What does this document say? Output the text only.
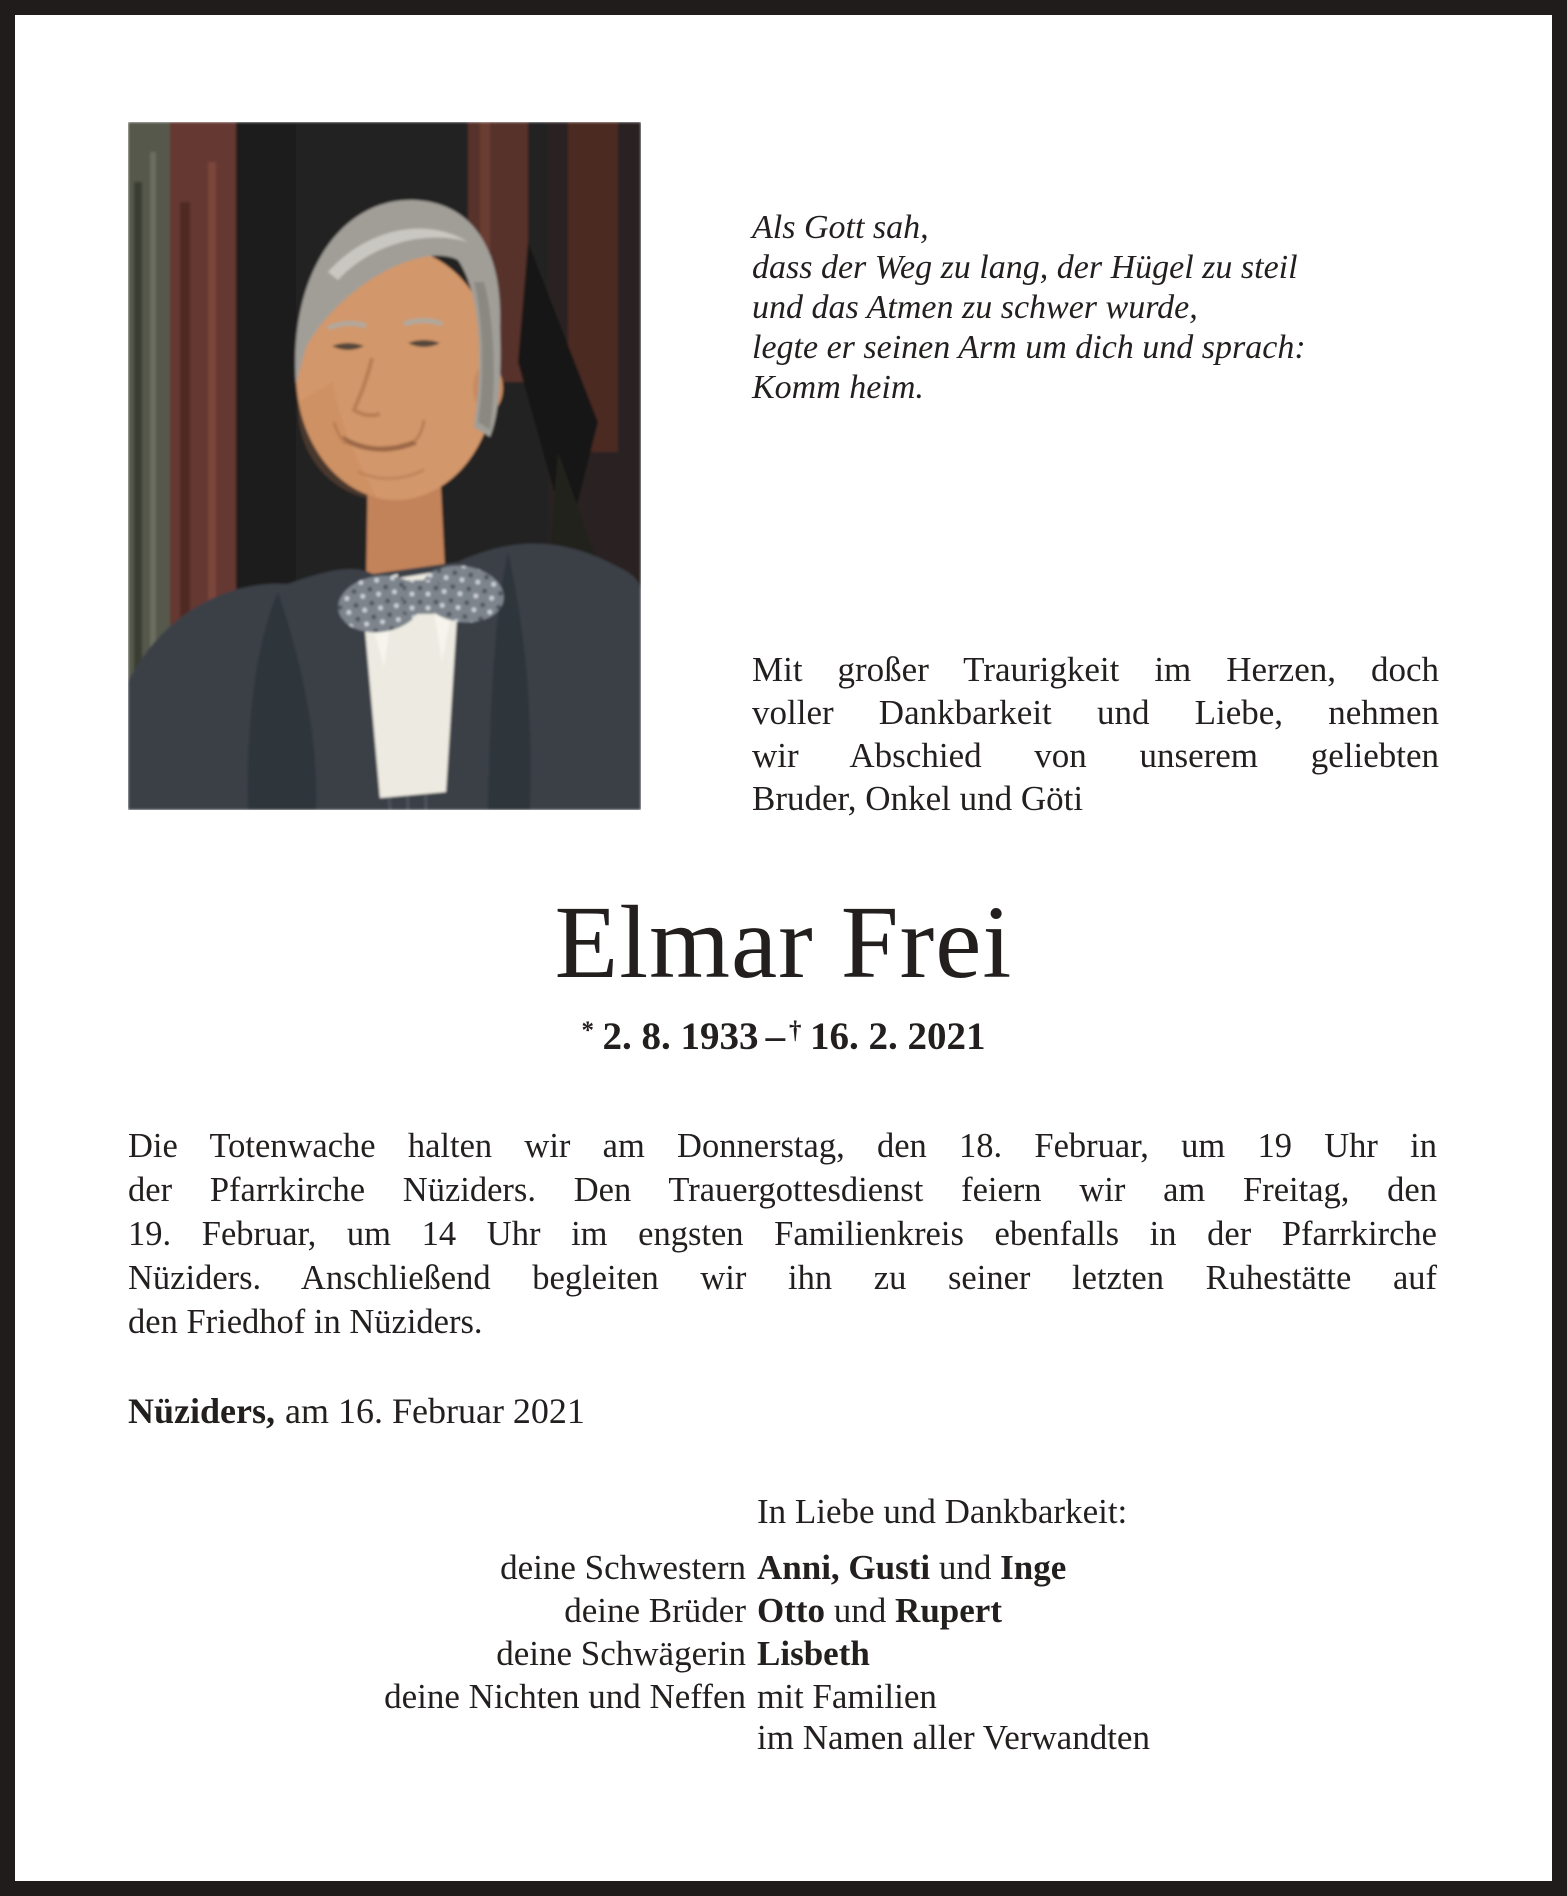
Als Gott sah,
dass der Weg zu lang, der Hügel zu steil
und das Atmen zu schwer wurde,
legte er seinen Arm um dich und sprach:
Komm heim.
Mit großer Traurigkeit im Herzen, doch
voller Dankbarkeit und Liebe, nehmen
wir Abschied von unserem geliebten
Bruder, Onkel und Göti
Elmar Frei
* 2. 8. 1933 – † 16. 2. 2021
Die Totenwache halten wir am Donnerstag, den 18. Februar, um 19 Uhr in
der Pfarrkirche Nüziders. Den Trauergottesdienst feiern wir am Freitag, den
19. Februar, um 14 Uhr im engsten Familienkreis ebenfalls in der Pfarrkirche
Nüziders. Anschließend begleiten wir ihn zu seiner letzten Ruhestätte auf
den Friedhof in Nüziders.
Nüziders, am 16. Februar 2021
In Liebe und Dankbarkeit:
deine Schwestern Anni, Gusti und Inge
deine Brüder Otto und Rupert
deine Schwägerin Lisbeth
deine Nichten und Neffen mit Familien
im Namen aller Verwandten
